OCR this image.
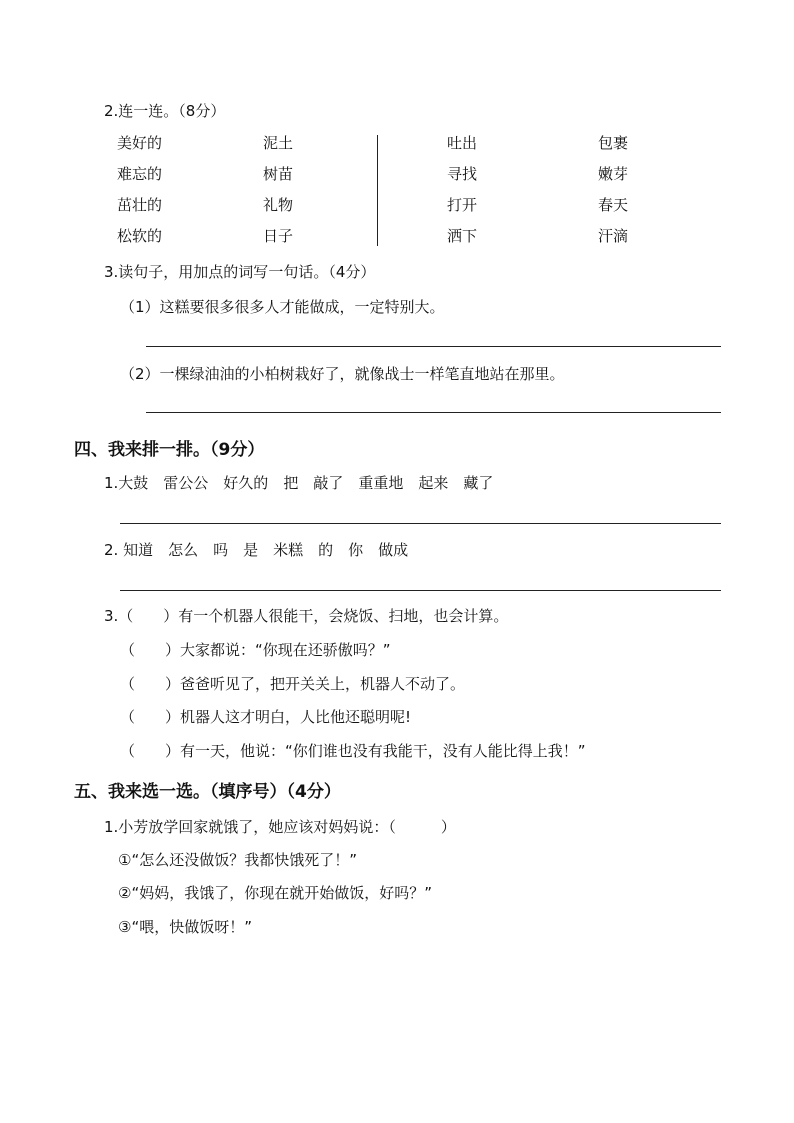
2.连一连。（8分）
美好的
难忘的
茁壮的
松软的
泥土
树苗
礼物
日子
吐出
寻找
打开
洒下
包裹
嫩芽
春天
汗滴
3.读句子，用加点的词写一句话。（4分）
（1）这糕要很多很多人才能做成，一定特别大。
（2）一棵绿油油的小柏树栽好了，就像战士一样笔直地站在那里。
四、我来排一排。（9分）
1.大鼓　雷公公　好久的　把　敲了　重重地　起来　藏了
2. 知道　怎么　吗　是　米糕　的　你　做成
3.（　　）有一个机器人很能干，会烧饭、扫地，也会计算。
（　　）大家都说：“你现在还骄傲吗？”
（　　）爸爸听见了，把开关关上，机器人不动了。
（　　）机器人这才明白，人比他还聪明呢!
（　　）有一天，他说：“你们谁也没有我能干，没有人能比得上我！”
五、我来选一选。（填序号）（4分）
1.小芳放学回家就饿了，她应该对妈妈说：（　　　）
①“怎么还没做饭？我都快饿死了！”
②“妈妈，我饿了，你现在就开始做饭，好吗？”
③“喂，快做饭呀！”
